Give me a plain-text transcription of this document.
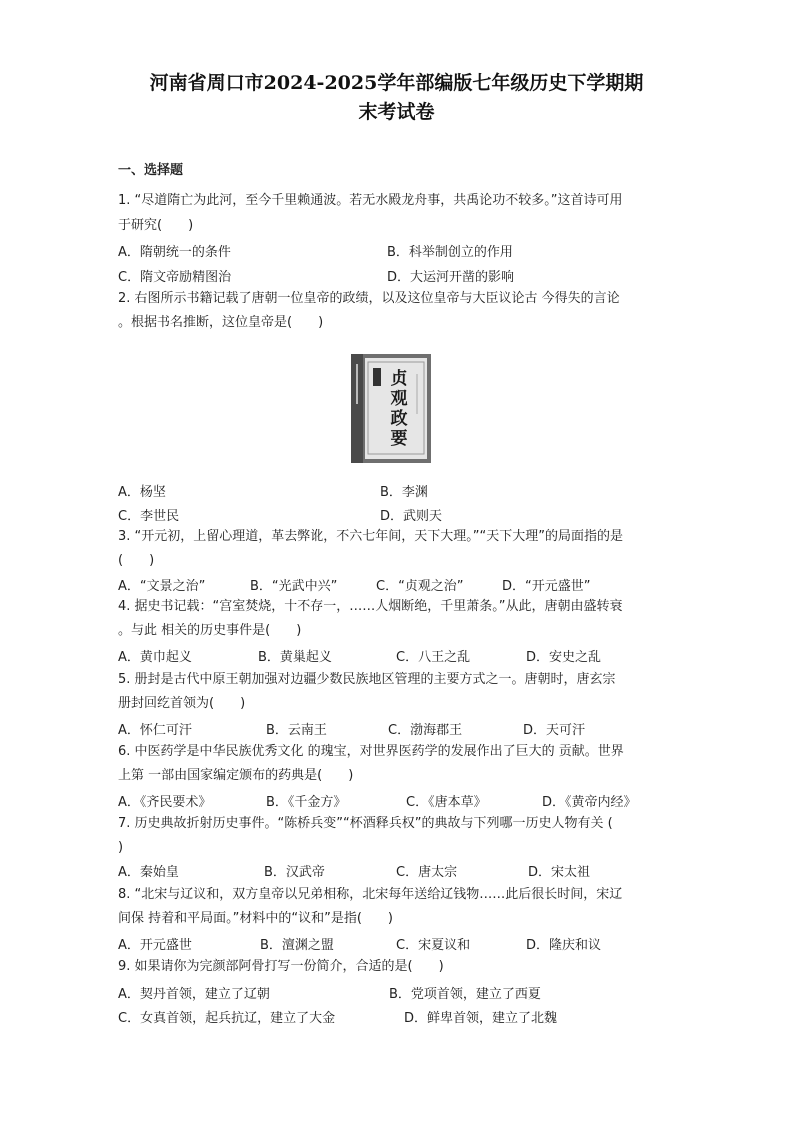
河南省周口市2024-2025学年部编版七年级历史下学期期
末考试卷
一、选择题
1. “尽道隋亡为此河，至今千里赖通波。若无水殿龙舟事，共禹论功不较多。”这首诗可用
于研究(　　)
A．隋朝统一的条件	B．科举制创立的作用
C．隋文帝励精图治	D．大运河开凿的影响
2. 右图所示书籍记载了唐朝一位皇帝的政绩，以及这位皇帝与大臣议论古 今得失的言论
。根据书名推断，这位皇帝是(　　)
贞
观
政
要
A．杨坚	B．李渊
C．李世民	D．武则天
3. “开元初，上留心理道，革去弊讹，不六七年间，天下大理。”“天下大理”的局面指的是
(　　)
A．“文景之治”	B．“光武中兴”	C．“贞观之治”	D．“开元盛世”
4. 据史书记载：“宫室焚烧，十不存一，……人烟断绝，千里萧条。”从此，唐朝由盛转衰
。与此 相关的历史事件是(　　)
A．黄巾起义	B．黄巢起义	C．八王之乱	D．安史之乱
5. 册封是古代中原王朝加强对边疆少数民族地区管理的主要方式之一。唐朝时，唐玄宗
册封回纥首领为(　　)
A．怀仁可汗	B．云南王	C．渤海郡王	D．天可汗
6. 中医药学是中华民族优秀文化 的瑰宝，对世界医药学的发展作出了巨大的 贡献。世界
上第 一部由国家编定颁布的药典是(　　)
A．《齐民要术》	B．《千金方》	C．《唐本草》	D．《黄帝内经》
7. 历史典故折射历史事件。“陈桥兵变”“杯酒释兵权”的典故与下列哪一历史人物有关 (
)
A．秦始皇	B．汉武帝	C．唐太宗	D．宋太祖
8. “北宋与辽议和，双方皇帝以兄弟相称，北宋每年送给辽钱物……此后很长时间，宋辽
间保 持着和平局面。”材料中的“议和”是指(　　)
A．开元盛世	B．澶渊之盟	C．宋夏议和	D．隆庆和议
9. 如果请你为完颜部阿骨打写一份简介，合适的是(　　)
A．契丹首领，建立了辽朝	B．党项首领，建立了西夏
C．女真首领，起兵抗辽，建立了大金	D．鲜卑首领，建立了北魏
